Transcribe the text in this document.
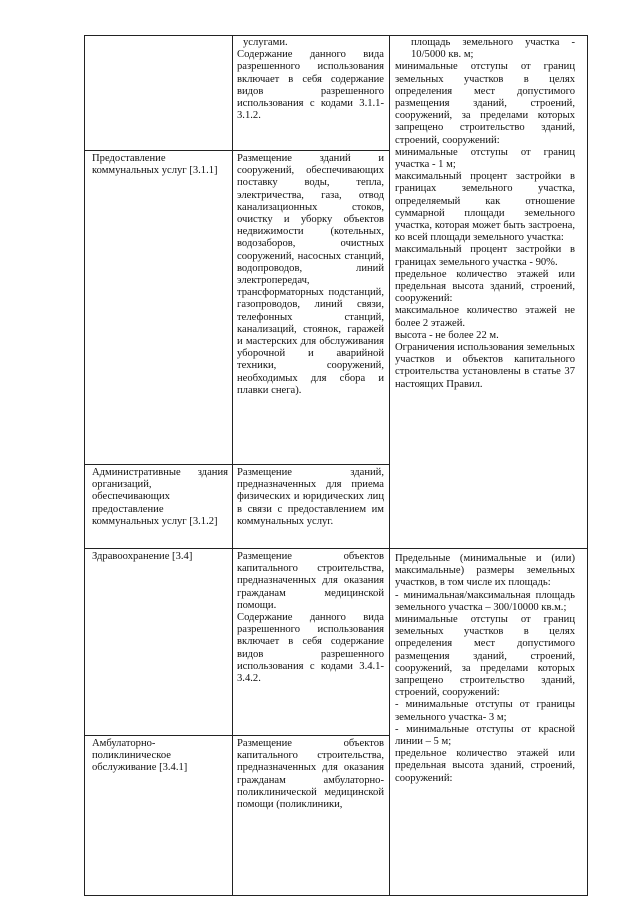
услугами.

Содержание данного вида разрешенного использования включает в себя содержание видов разрешенного использования с кодами 3.1.1-3.1.2.

Предоставление коммунальных услуг [3.1.1]

Размещение зданий и сооружений, обеспечивающих поставку воды, тепла, электричества, газа, отвод канализационных стоков, очистку и уборку объектов недвижимости (котельных, водозаборов, очистных сооружений, насосных станций, водопроводов, линий электропередач, трансформаторных подстанций, газопроводов, линий связи, телефонных станций, канализаций, стоянок, гаражей и мастерских для обслуживания уборочной и аварийной техники, сооружений, необходимых для сбора и плавки снега).

Административные здания организаций, обеспечивающих предоставление коммунальных услуг [3.1.2]

Размещение зданий, предназначенных для приема физических и юридических лиц в связи с предоставлением им коммунальных услуг.

Здравоохранение [3.4]	Размещение объектов капитального строительства, предназначенных для оказания гражданам медицинской помощи.

Содержание данного вида разрешенного использования включает в себя содержание видов разрешенного использования с кодами 3.4.1-3.4.2.

Амбулаторно-поликлиническое обслуживание [3.4.1]

Размещение объектов капитального строительства, предназначенных для оказания гражданам амбулаторно-поликлинической медицинской помощи (поликлиники,

площадь земельного участка - 10/5000 кв. м;

минимальные отступы от границ земельных участков в целях определения мест допустимого размещения зданий, строений, сооружений, за пределами которых запрещено строительство зданий, строений, сооружений:

минимальные отступы от границ участка - 1 м;

максимальный процент застройки в границах земельного участка, определяемый как отношение суммарной площади земельного участка, которая может быть застроена, ко всей площади земельного участка:

максимальный процент застройки в границах земельного участка - 90%.

предельное количество этажей или предельная высота зданий, строений, сооружений:

максимальное количество этажей не более 2 этажей.

высота - не более 22 м.

Ограничения использования земельных участков и объектов капитального строительства установлены в статье 37 настоящих Правил.

Предельные (минимальные и (или) максимальные) размеры земельных участков, в том числе их площадь:

- минимальная/максимальная площадь земельного участка – 300/10000 кв.м.;

минимальные отступы от границ земельных участков в целях определения мест допустимого размещения зданий, строений, сооружений, за пределами которых запрещено строительство зданий, строений, сооружений:

- минимальные отступы от границы земельного участка- 3 м;

- минимальные отступы от красной линии – 5 м;

предельное количество этажей или предельная высота зданий, строений, сооружений:
